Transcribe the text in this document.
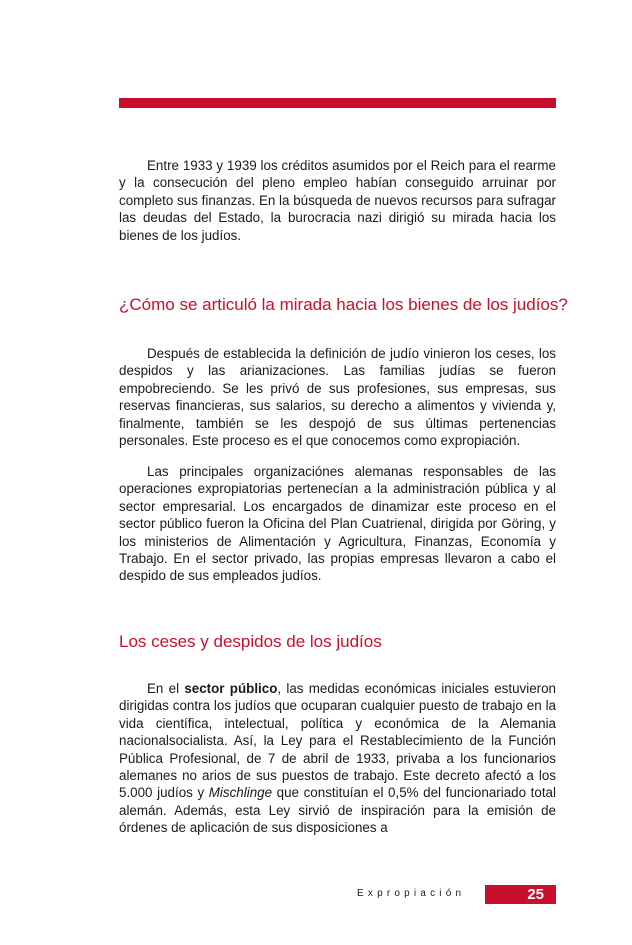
Entre 1933 y 1939 los créditos asumidos por el Reich para el rearme y la consecución del pleno empleo habían conseguido arruinar por completo sus finanzas. En la búsqueda de nuevos recursos para sufragar las deudas del Estado, la burocracia nazi dirigió su mirada hacia los bienes de los judíos.

¿Cómo se articuló la mirada hacia los bienes de los judíos?

Después de establecida la definición de judío vinieron los ceses, los despidos y las arianizaciones. Las familias judías se fueron empobreciendo. Se les privó de sus profesiones, sus empresas, sus reservas financieras, sus salarios, su derecho a alimentos y vivienda y, finalmente, también se les despojó de sus últimas pertenencias personales. Este proceso es el que conocemos como expropiación.

Las principales organizaciónes alemanas responsables de las operaciones expropiatorias pertenecían a la administración pública y al sector empresarial. Los encargados de dinamizar este proceso en el sector público fueron la Oficina del Plan Cuatrienal, dirigida por Göring, y los ministerios de Alimentación y Agricultura, Finanzas, Economía y Trabajo. En el sector privado, las propias empresas llevaron a cabo el despido de sus empleados judíos.

Los ceses y despidos de los judíos

En el sector público, las medidas económicas iniciales estuvieron dirigidas contra los judíos que ocuparan cualquier puesto de trabajo en la vida científica, intelectual, política y económica de la Alemania nacionalsocialista. Así, la Ley para el Restablecimiento de la Función Pública Profesional, de 7 de abril de 1933, privaba a los funcionarios alemanes no arios de sus puestos de trabajo. Este decreto afectó a los 5.000 judíos y Mischlinge que constituían el 0,5% del funcionariado total alemán. Además, esta Ley sirvió de inspiración para la emisión de órdenes de aplicación de sus disposiciones a

Expropiación	25
